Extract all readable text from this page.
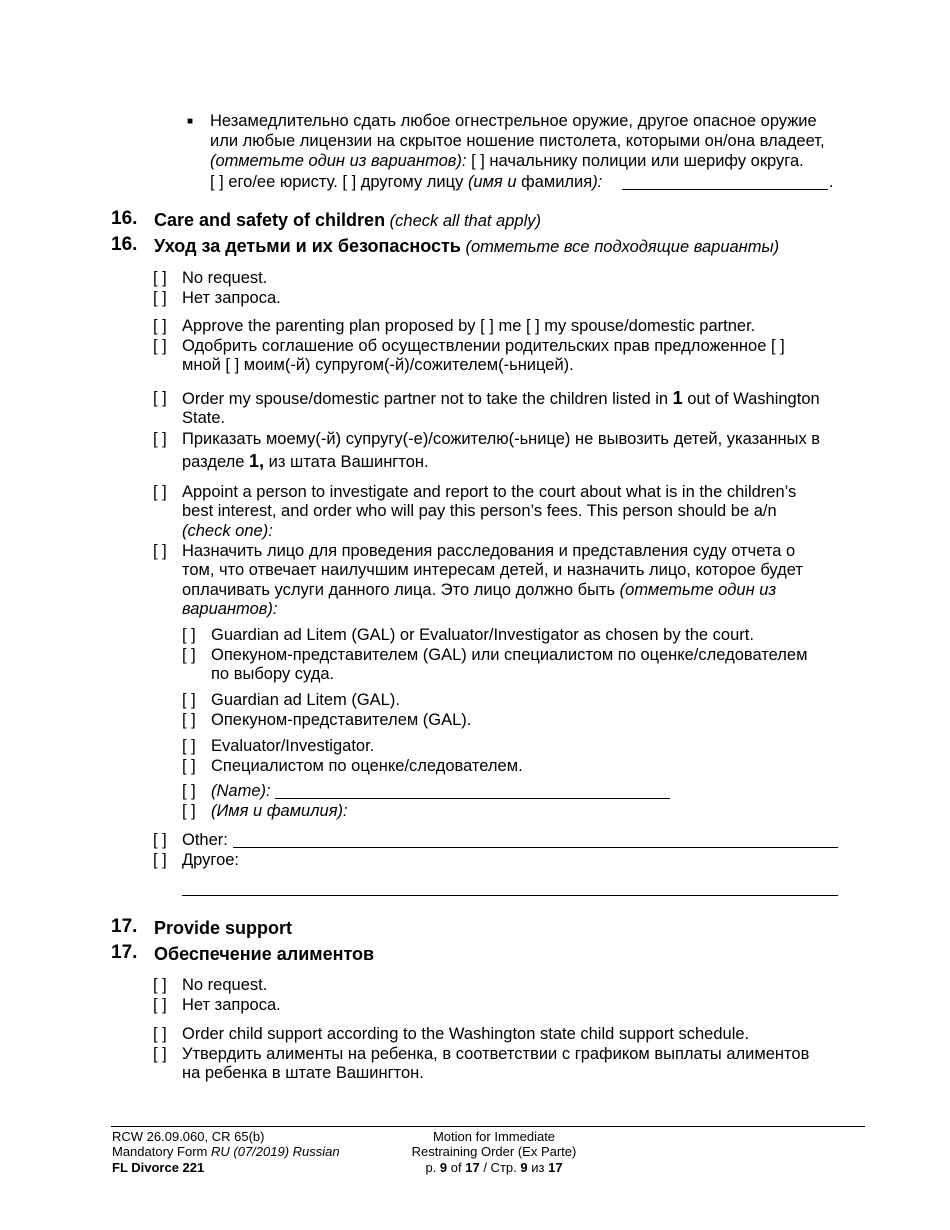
■ Незамедлительно сдать любое огнестрельное оружие, другое опасное оружие
или любые лицензии на скрытое ношение пистолета, которыми он/она владеет,
(отметьте один из вариантов): [ ] начальнику полиции или шерифу округа.
[ ] его/ее юристу. [ ] другому лицу (имя и фамилия):	.
16. Care and safety of children (check all that apply)
16. Уход за детьми и их безопасность (отметьте все подходящие варианты)
[ ] No request.
[ ] Нет запроса.
[ ] Approve the parenting plan proposed by [ ] me [ ] my spouse/domestic partner.
[ ] Одобрить соглашение об осуществлении родительских прав предложенное [ ]
мной [ ] моим(-й) супругом(-й)/сожителем(-ьницей).
[ ] Order my spouse/domestic partner not to take the children listed in 1 out of Washington
State.
[ ] Приказать моему(-й) супругу(-е)/сожителю(-ьнице) не вывозить детей, указанных в
разделе 1, из штата Вашингтон.
[ ] Appoint a person to investigate and report to the court about what is in the children’s
best interest, and order who will pay this person’s fees. This person should be a/n
(check one):
[ ] Назначить лицо для проведения расследования и представления суду отчета о
том, что отвечает наилучшим интересам детей, и назначить лицо, которое будет
оплачивать услуги данного лица. Это лицо должно быть (отметьте один из
вариантов):
[ ] Guardian ad Litem (GAL) or Evaluator/Investigator as chosen by the court.
[ ] Опекуном-представителем (GAL) или специалистом по оценке/следователем
по выбору суда.
[ ] Guardian ad Litem (GAL).
[ ] Опекуном-представителем (GAL).
[ ] Evaluator/Investigator.
[ ] Специалистом по оценке/следователем.
[ ] (Name):
[ ] (Имя и фамилия):
[ ] Other:
[ ] Другое:
17. Provide support
17. Обеспечение алиментов
[ ] No request.
[ ] Нет запроса.
[ ] Order child support according to the Washington state child support schedule.
[ ] Утвердить алименты на ребенка, в соответствии с графиком выплаты алиментов
на ребенка в штате Вашингтон.
RCW 26.09.060, CR 65(b)
Mandatory Form RU (07/2019) Russian
FL Divorce 221
Motion for Immediate
Restraining Order (Ex Parte)
p. 9 of 17 / Стр. 9 из 17
